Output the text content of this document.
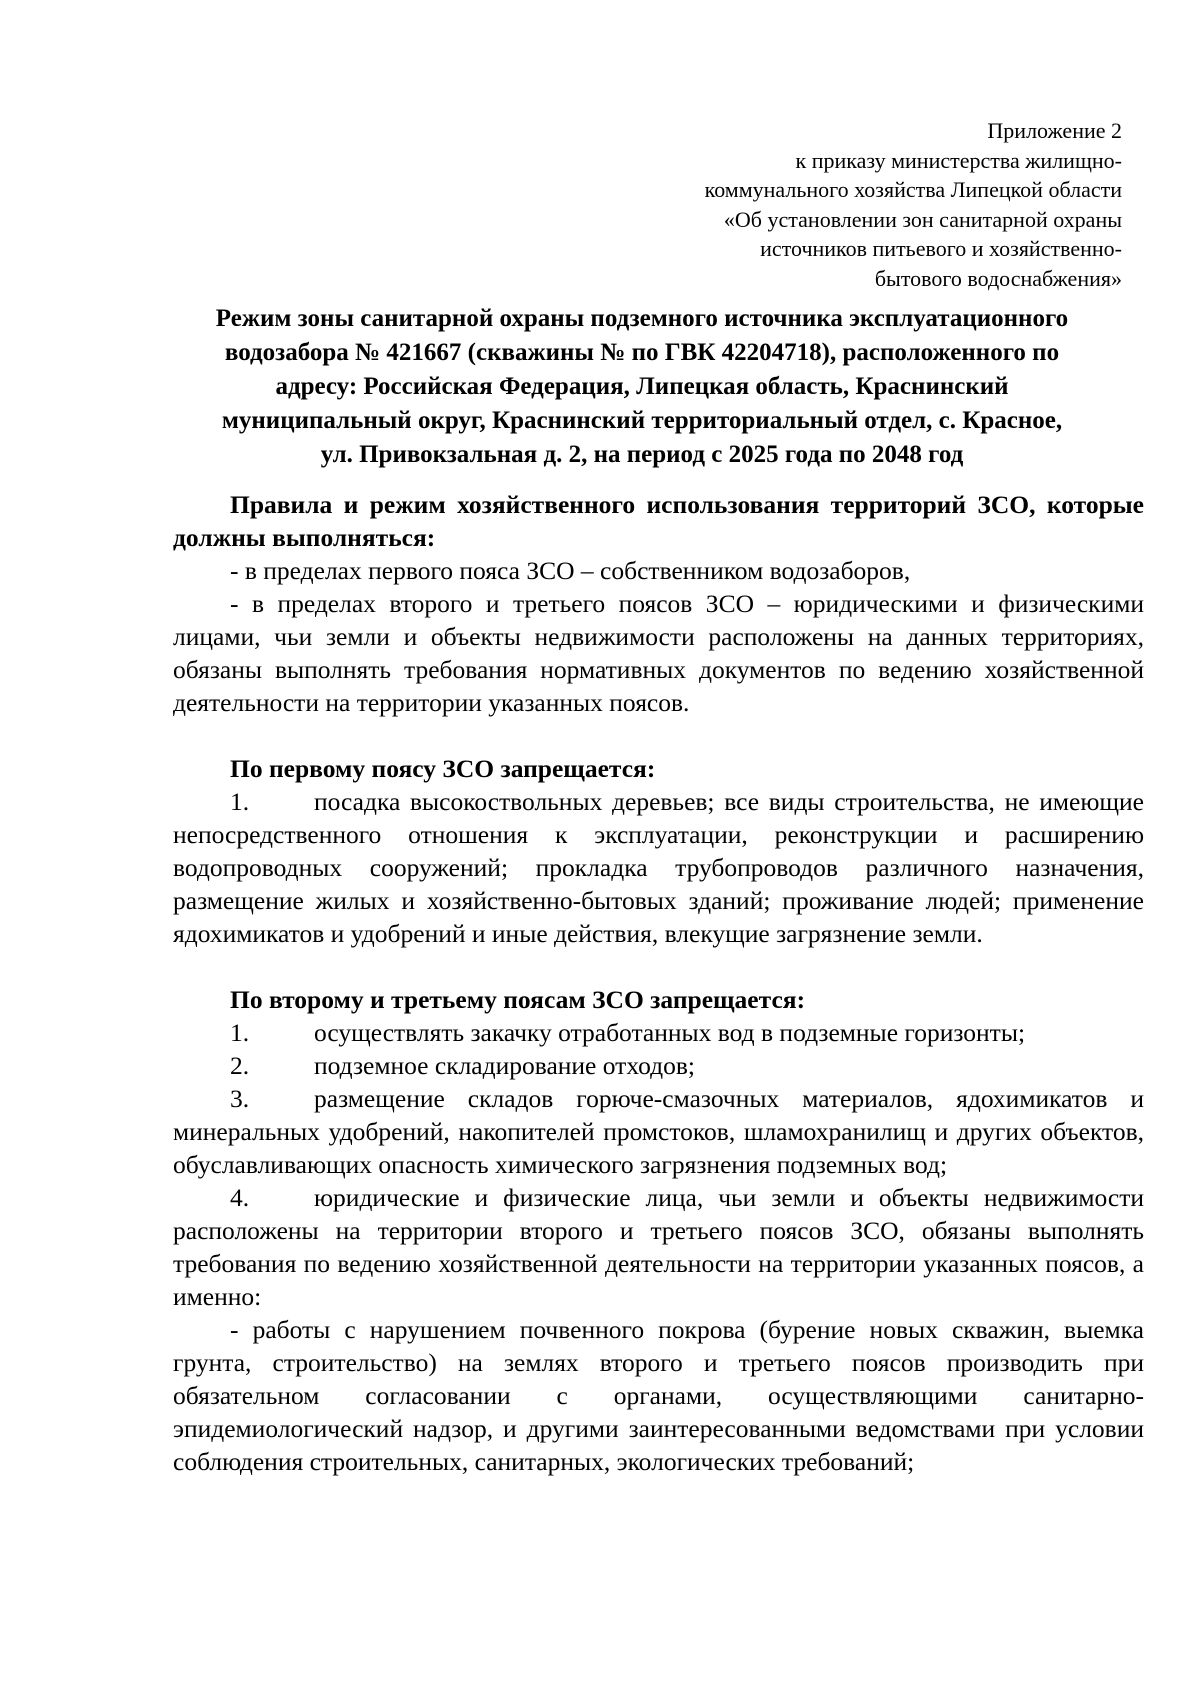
Приложение 2
к приказу министерства жилищно-
коммунального хозяйства Липецкой области
«Об установлении зон санитарной охраны
источников питьевого и хозяйственно-
бытового водоснабжения»
Режим зоны санитарной охраны подземного источника эксплуатационного
водозабора № 421667 (скважины № по ГВК 42204718), расположенного по
адресу: Российская Федерация, Липецкая область, Краснинский
муниципальный округ, Краснинский территориальный отдел, с. Красное,
ул. Привокзальная д. 2, на период с 2025 года по 2048 год

Правила и режим хозяйственного использования территорий ЗСО, которые должны выполняться:

- в пределах первого пояса ЗСО – собственником водозаборов,

- в пределах второго и третьего поясов ЗСО – юридическими и физическими лицами, чьи земли и объекты недвижимости расположены на данных территориях, обязаны выполнять требования нормативных документов по ведению хозяйственной деятельности на территории указанных поясов.

По первому поясу ЗСО запрещается:

1.	посадка высокоствольных деревьев; все виды строительства, не имеющие непосредственного отношения к эксплуатации, реконструкции и расширению водопроводных сооружений; прокладка трубопроводов различного назначения, размещение жилых и хозяйственно-бытовых зданий; проживание людей; применение ядохимикатов и удобрений и иные действия, влекущие загрязнение земли.

По второму и третьему поясам ЗСО запрещается:

1.	осуществлять закачку отработанных вод в подземные горизонты;

2.	подземное складирование отходов;

3.	размещение складов горюче-смазочных материалов, ядохимикатов и минеральных удобрений, накопителей промстоков, шламохранилищ и других объектов, обуславливающих опасность химического загрязнения подземных вод;

4.	юридические и физические лица, чьи земли и объекты недвижимости расположены на территории второго и третьего поясов ЗСО, обязаны выполнять требования по ведению хозяйственной деятельности на территории указанных поясов, а именно:

- работы с нарушением почвенного покрова (бурение новых скважин, выемка грунта, строительство) на землях второго и третьего поясов производить при обязательном согласовании с органами, осуществляющими санитарно-эпидемиологический надзор, и другими заинтересованными ведомствами при условии соблюдения строительных, санитарных, экологических требований;
